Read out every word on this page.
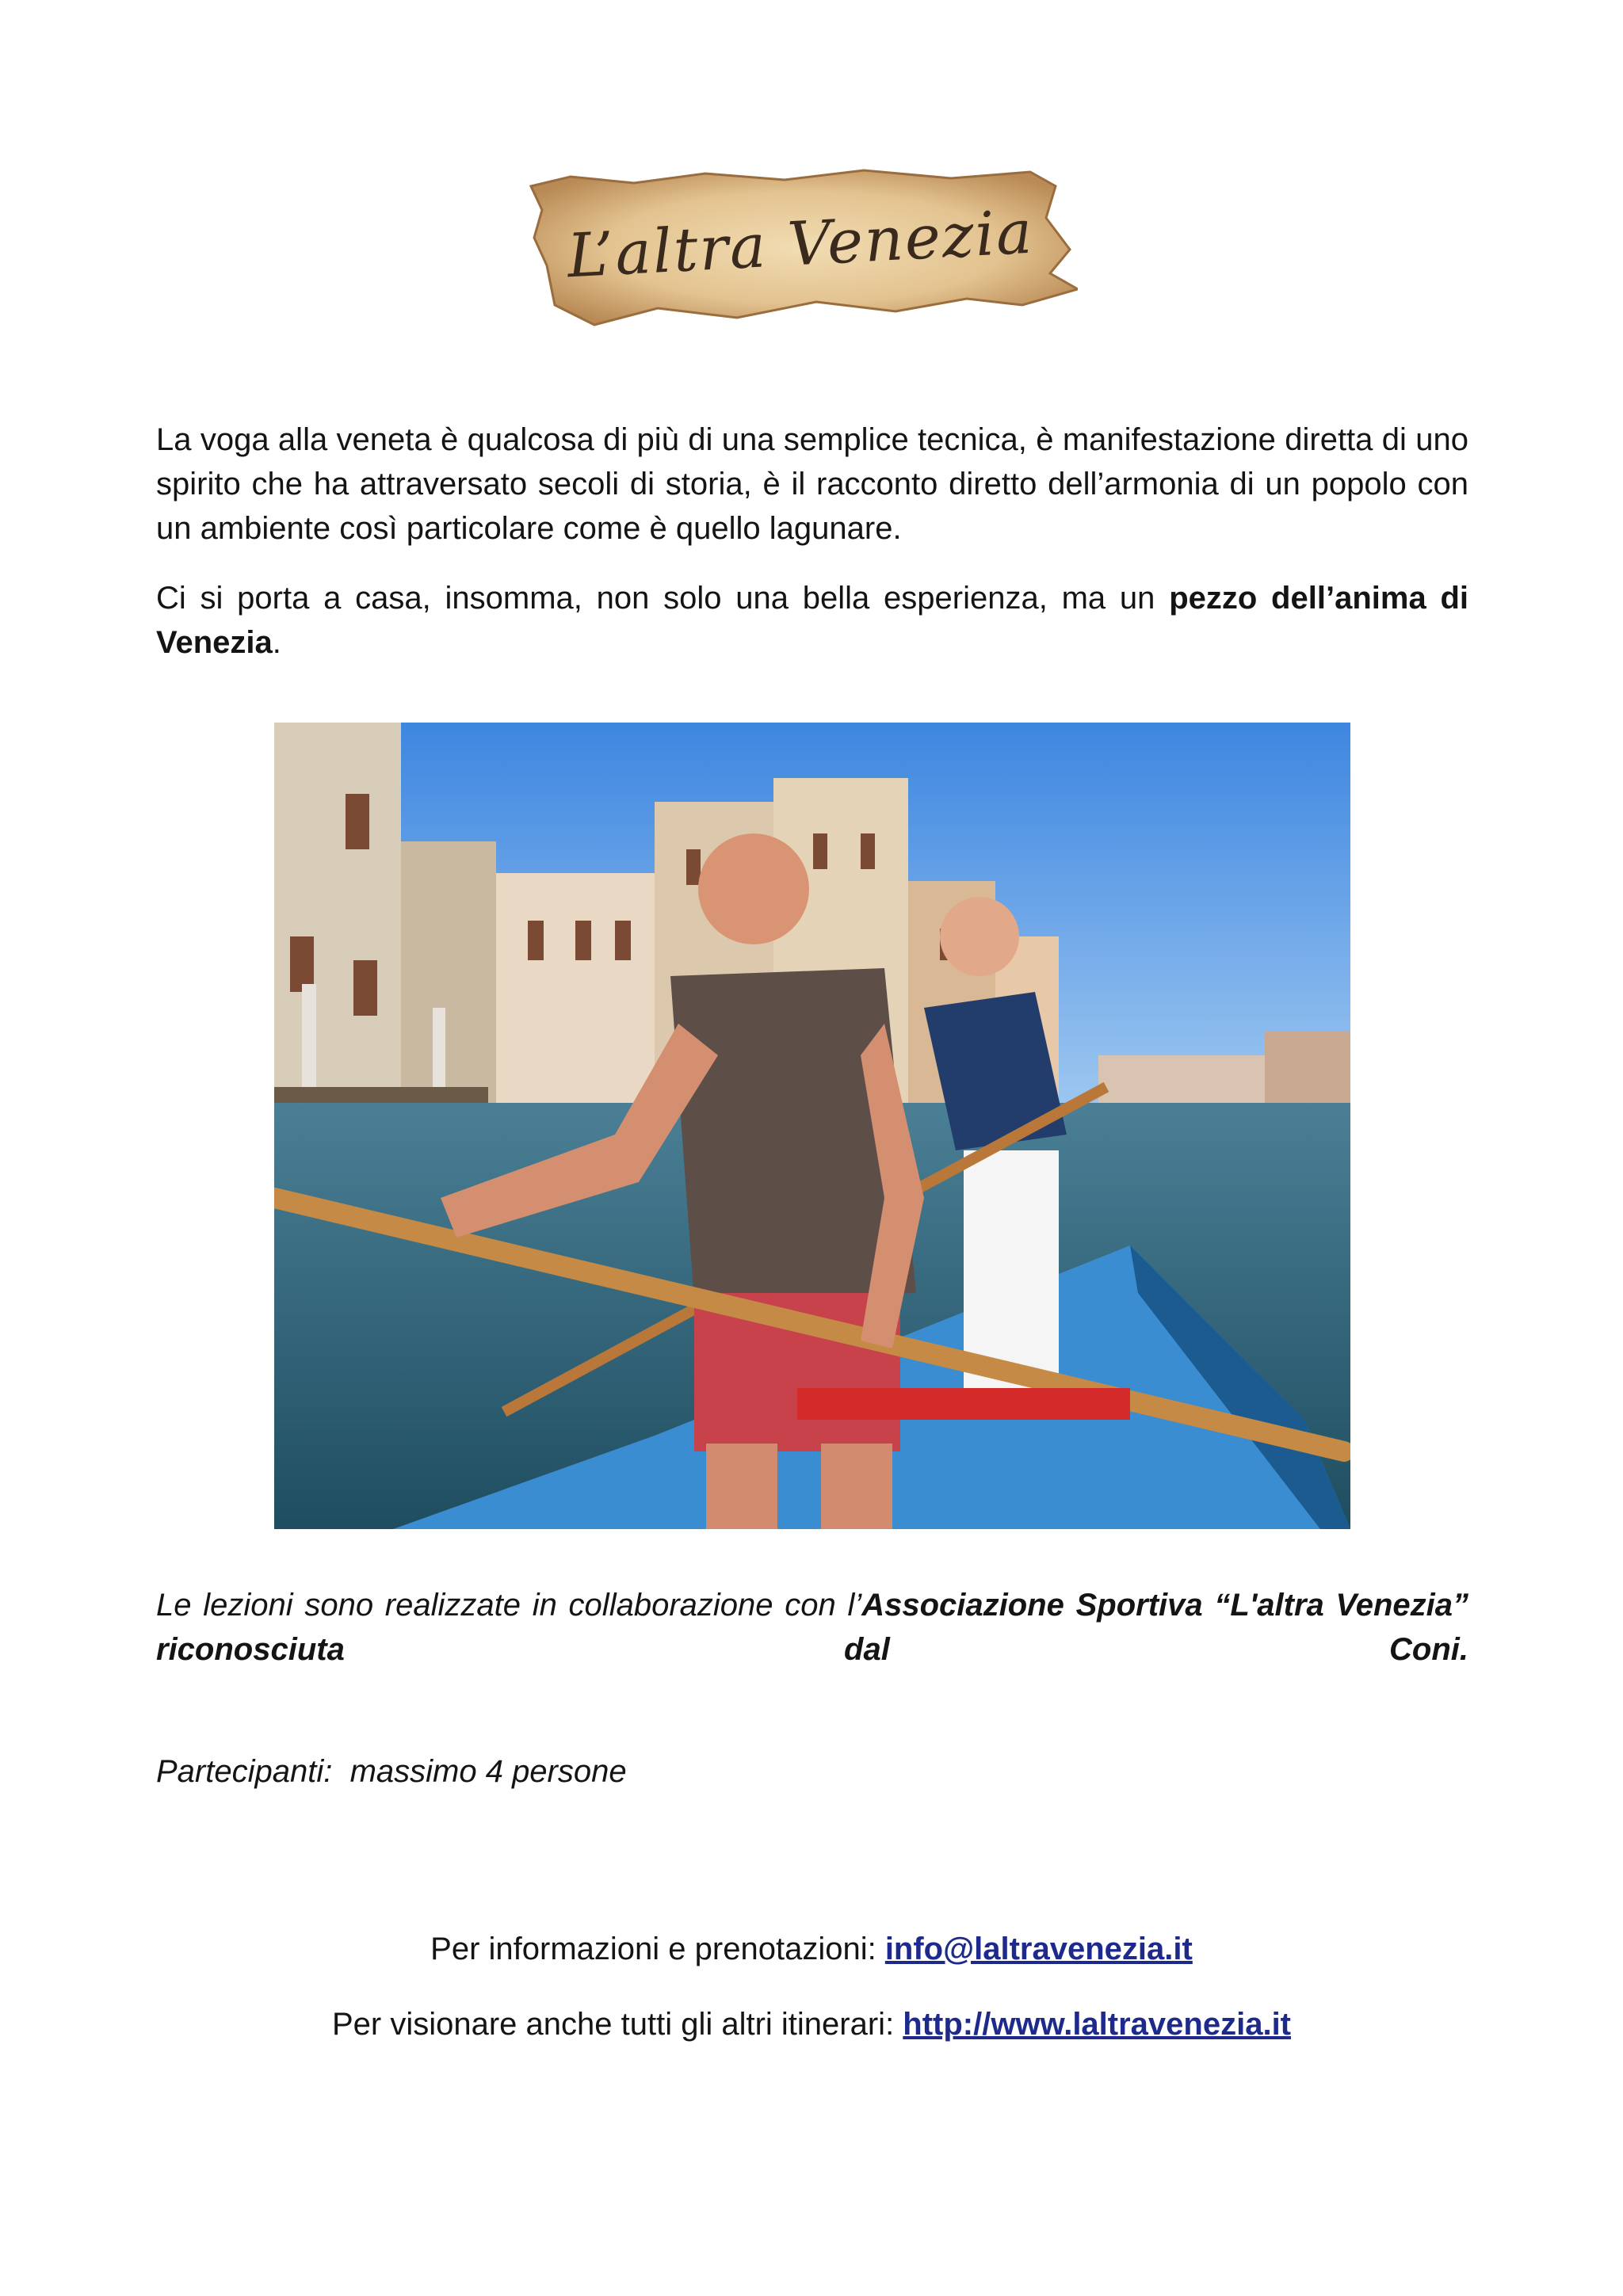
L’altra Venezia

La voga alla veneta è qualcosa di più di una semplice tecnica, è manifestazione diretta di uno spirito che ha attraversato secoli di storia, è il racconto diretto dell’armonia di un popolo con un ambiente così particolare come è quello lagunare.

Ci si porta a casa, insomma, non solo una bella esperienza, ma un pezzo dell’anima di Venezia.

Le lezioni sono realizzate in collaborazione con l’Associazione Sportiva “L'altra Venezia” riconosciuta dal Coni.
Partecipanti:  massimo 4 persone
Per informazioni e prenotazioni: info@laltravenezia.it
Per visionare anche tutti gli altri itinerari: http://www.laltravenezia.it
